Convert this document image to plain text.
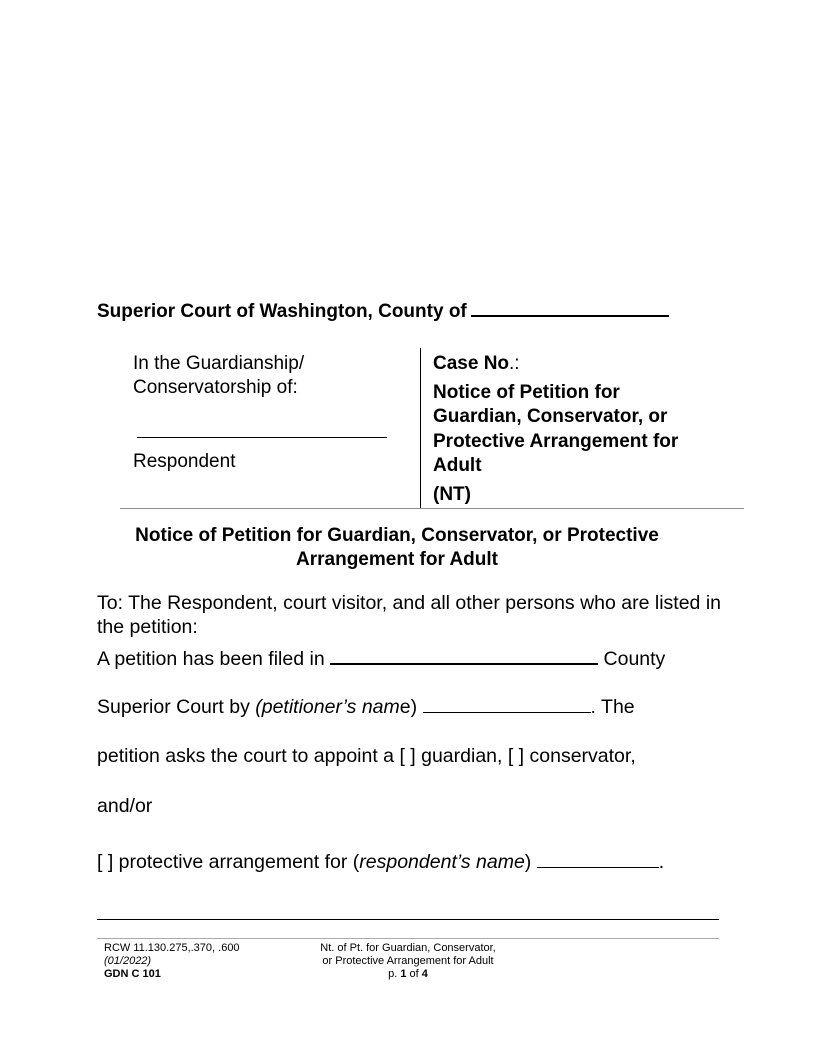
Superior Court of Washington, County of
In the Guardianship/
Conservatorship of:
Respondent
Case No.:
Notice of Petition for
Guardian, Conservator, or
Protective Arrangement for
Adult
(NT)
Notice of Petition for Guardian, Conservator, or Protective
Arrangement for Adult
To: The Respondent, court visitor, and all other persons who are listed in the petition:
A petition has been filed in	County
Superior Court by (petitioner’s name)	. The
petition asks the court to appoint a [ ] guardian, [ ] conservator,
and/or
[ ] protective arrangement for (respondent’s name)	.
RCW 11.130.275,.370, .600
(01/2022)
GDN C 101
Nt. of Pt. for Guardian, Conservator,
or Protective Arrangement for Adult
p. 1 of 4
